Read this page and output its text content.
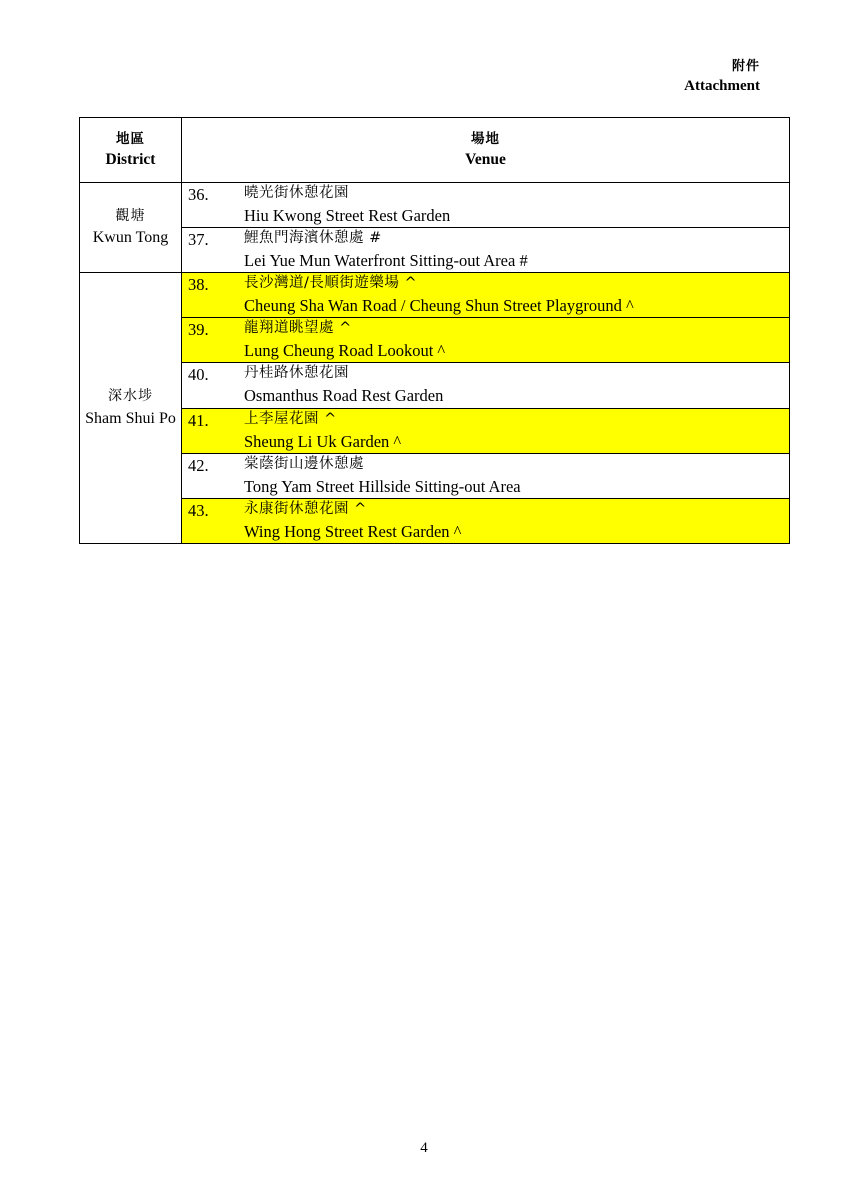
附件
Attachment
地區
District

場地
Venue

觀塘
Kwun Tong

36.	曉光街休憩花園
Hiu Kwong Street Rest Garden

	37. 鯉魚門海濱休憩處 #
Lei Yue Mun Waterfront Sitting-out Area #

深水埗
Sham Shui Po

38.	長沙灣道/長順街遊樂場 ^
Cheung Sha Wan Road / Cheung Shun Street Playground ^

	39. 龍翔道眺望處 ^
Lung Cheung Road Lookout ^

	40. 丹桂路休憩花園
Osmanthus Road Rest Garden

	41. 上李屋花園 ^
Sheung Li Uk Garden ^

	42. 棠蔭街山邊休憩處
Tong Yam Street Hillside Sitting-out Area

	43. 永康街休憩花園 ^
Wing Hong Street Rest Garden ^
4
